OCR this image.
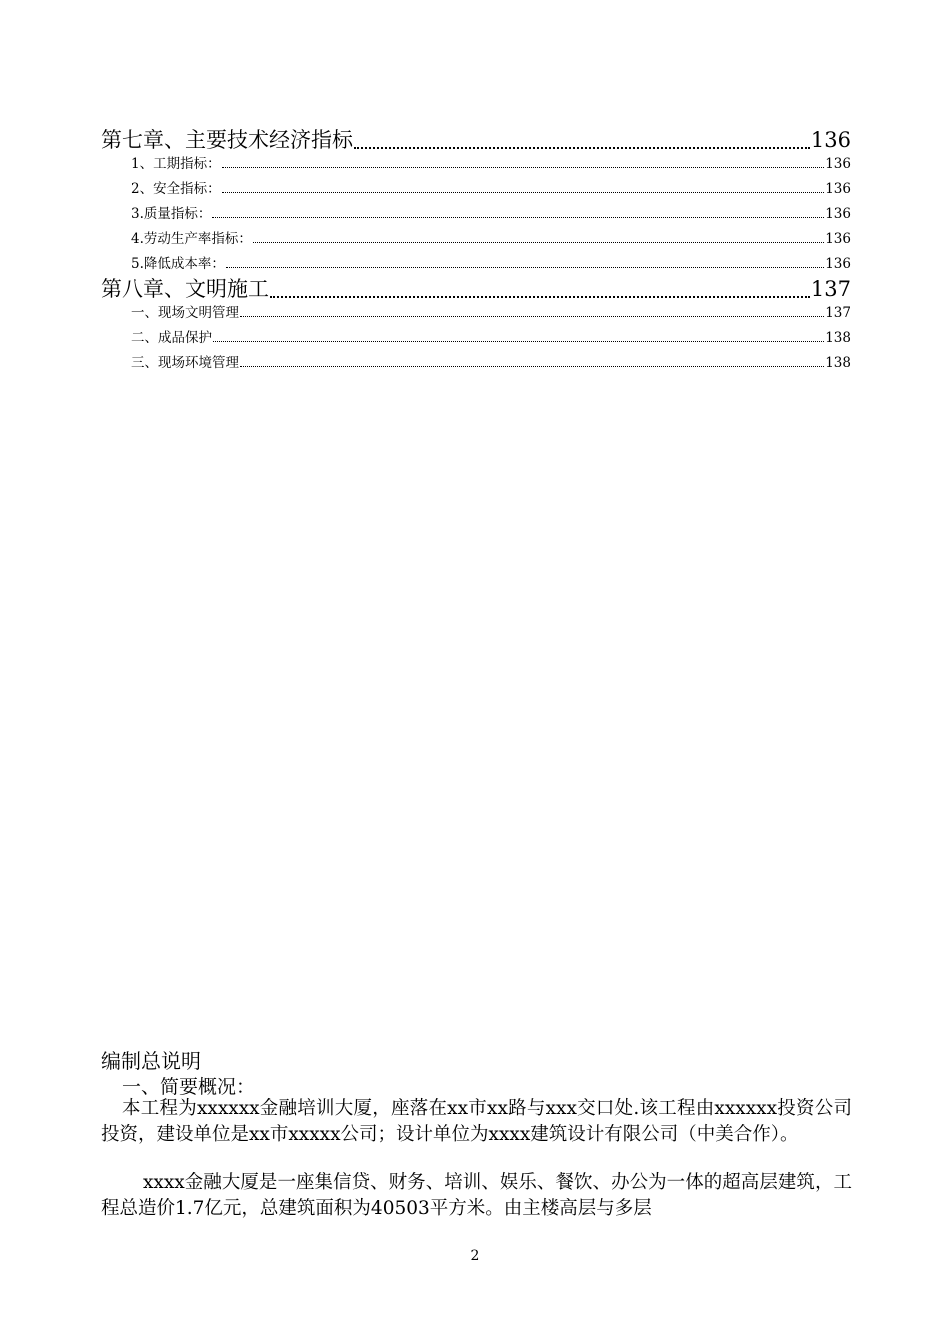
第七章、主要技术经济指标	136
1、工期指标：	136
2、安全指标：	136
3.质量指标：	136
4.劳动生产率指标：	136
5.降低成本率：	136
第八章、文明施工	137
一、现场文明管理	137
二、成品保护	138
三、现场环境管理	138
编制总说明
一、简要概况：
本工程为xxxxxx金融培训大厦，座落在xx市xx路与xxx交口处.该工程由xxxxxx投资公司投资，建设单位是xx市xxxxx公司；设计单位为xxxx建筑设计有限公司（中美合作）。
xxxx金融大厦是一座集信贷、财务、培训、娱乐、餐饮、办公为一体的超高层建筑，工程总造价1.7亿元，总建筑面积为40503平方米。由主楼高层与多层
2
